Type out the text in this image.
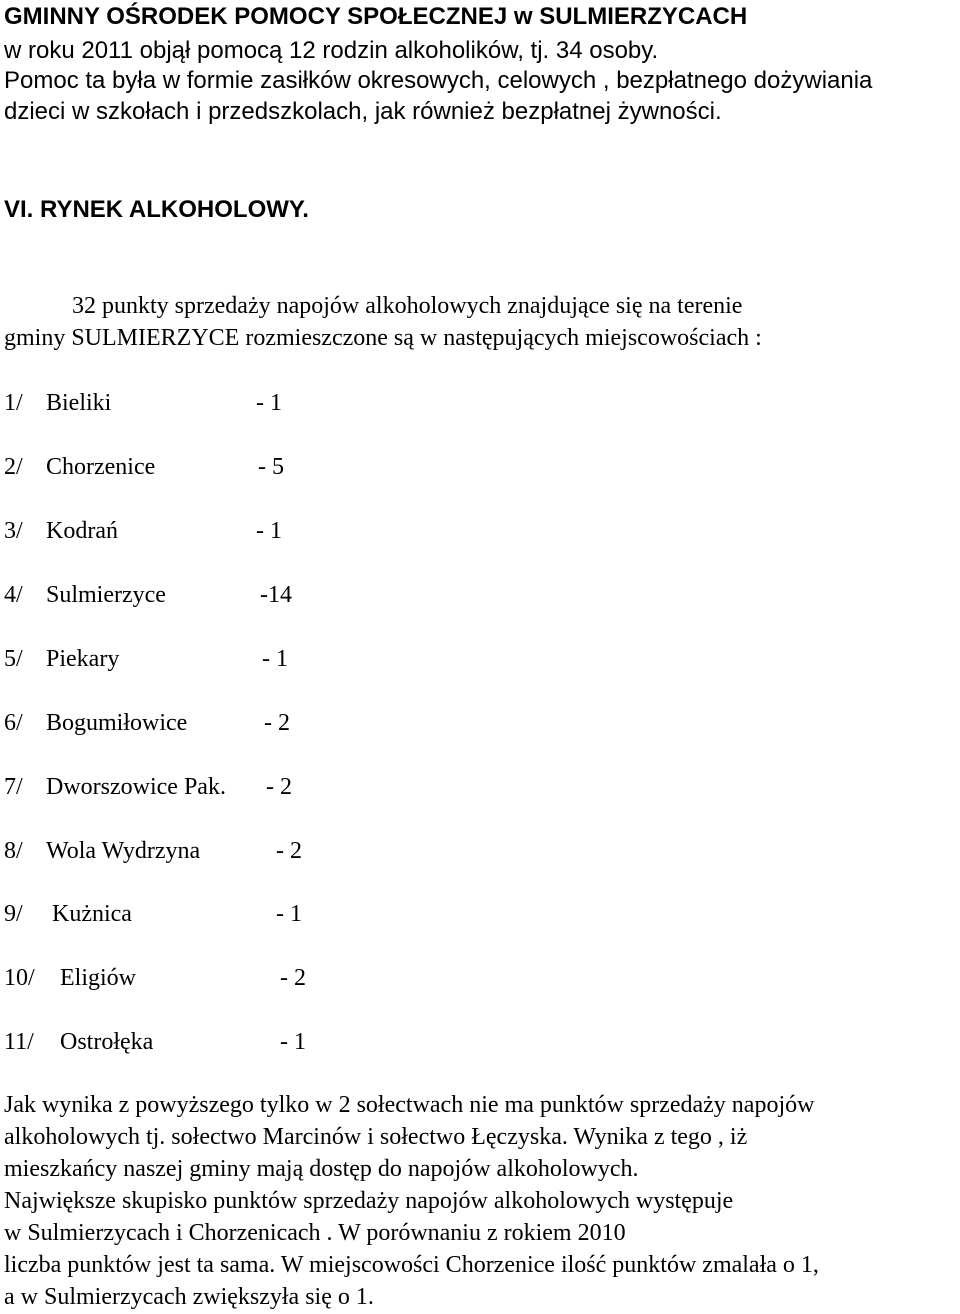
GMINNY OŚRODEK POMOCY SPOŁECZNEJ w SULMIERZYCACH
w roku 2011 objął pomocą 12 rodzin alkoholików, tj. 34 osoby.
Pomoc ta była w formie zasiłków okresowych, celowych , bezpłatnego dożywiania
dzieci w szkołach i przedszkolach, jak również bezpłatnej żywności.
VI. RYNEK ALKOHOLOWY.
32 punkty sprzedaży napojów alkoholowych znajdujące się na terenie
gminy SULMIERZYCE rozmieszczone są w następujących miejscowościach :
1/ Bieliki	- 1
2/ Chorzenice	- 5
3/ Kodrań	- 1
4/ Sulmierzyce	-14
5/ Piekary	- 1
6/ Bogumiłowice	- 2
7/ Dworszowice Pak. - 2
8/ Wola Wydrzyna	- 2
9/ Kużnica	- 1
10/ Eligiów	- 2
11/ Ostrołęka	- 1
Jak wynika z powyższego tylko w 2 sołectwach nie ma punktów sprzedaży napojów
alkoholowych tj. sołectwo Marcinów i sołectwo Łęczyska. Wynika z tego , iż
mieszkańcy naszej gminy mają dostęp do napojów alkoholowych.
Największe skupisko punktów sprzedaży napojów alkoholowych występuje
w Sulmierzycach i Chorzenicach . W porównaniu z rokiem 2010
liczba punktów jest ta sama. W miejscowości Chorzenice ilość punktów zmalała o 1,
a w Sulmierzycach zwiększyła się o 1.
